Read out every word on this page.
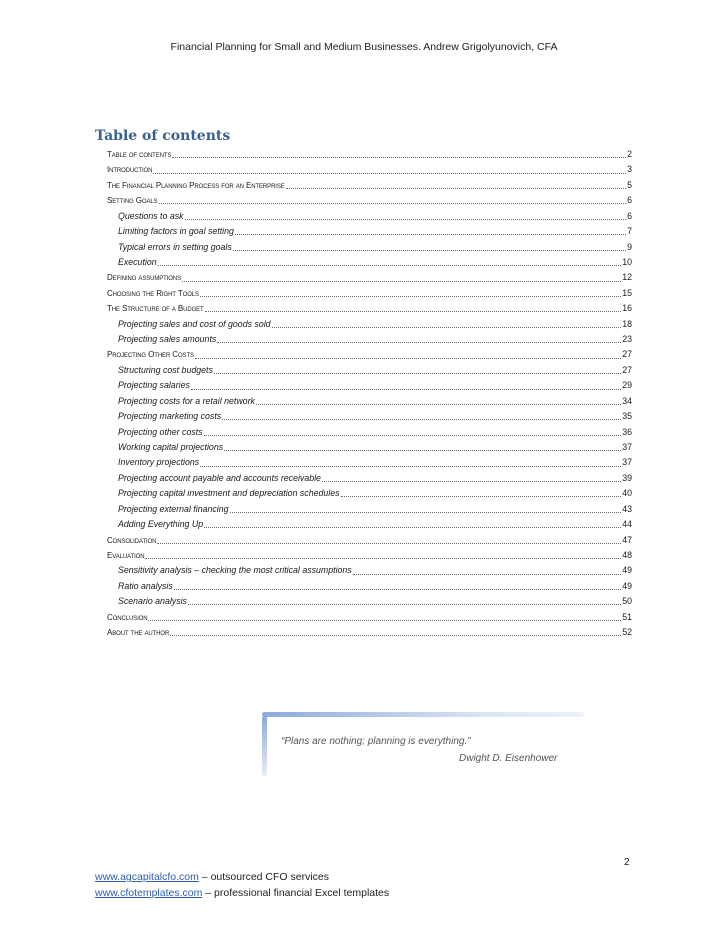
Financial Planning for Small and Medium Businesses. Andrew Grigolyunovich, CFA
Table of contents
Table of contents	2
Introduction	3
The Financial Planning Process for an Enterprise	5
Setting Goals	6
Questions to ask	6
Limiting factors in goal setting	7
Typical errors in setting goals	9
Execution	10
Defining assumptions	12
Choosing the Right Tools	15
The Structure of a Budget	16
Projecting sales and cost of goods sold	18
Projecting sales amounts	23
Projecting Other Costs	27
Structuring cost budgets	27
Projecting salaries	29
Projecting costs for a retail network	34
Projecting marketing costs	35
Projecting other costs	36
Working capital projections	37
Inventory projections	37
Projecting account payable and accounts receivable	39
Projecting capital investment and depreciation schedules	40
Projecting external financing	43
Adding Everything Up	44
Consolidation	47
Evaluation	48
Sensitivity analysis – checking the most critical assumptions	49
Ratio analysis	49
Scenario analysis	50
Conclusion	51
About the author	52
“Plans are nothing; planning is everything.”
Dwight D. Eisenhower
2
www.agcapitalcfo.com – outsourced CFO services
www.cfotemplates.com – professional financial Excel templates
